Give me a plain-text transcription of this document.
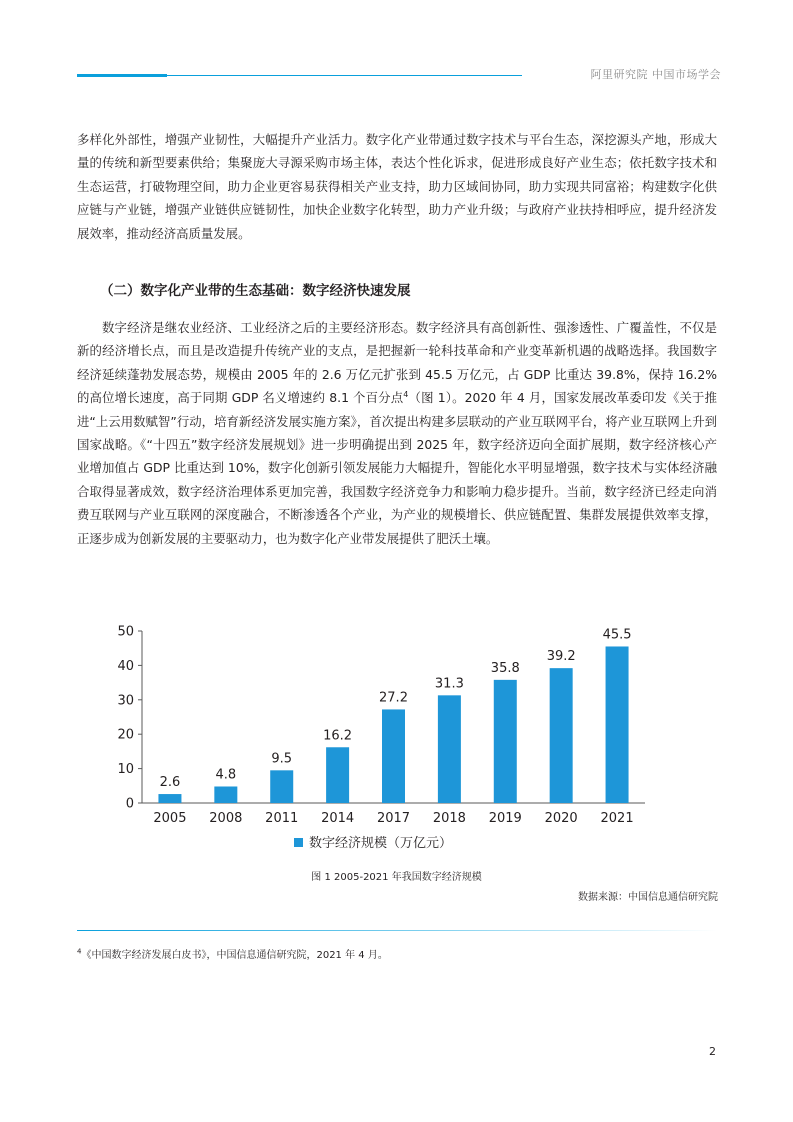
阿里研究院 中国市场学会

多样化外部性，增强产业韧性，大幅提升产业活力。数字化产业带通过数字技术与平台生态，深挖源头产地，形成大量的传统和新型要素供给；集聚庞大寻源采购市场主体，表达个性化诉求，促进形成良好产业生态；依托数字技术和生态运营，打破物理空间，助力企业更容易获得相关产业支持，助力区域间协同，助力实现共同富裕；构建数字化供应链与产业链，增强产业链供应链韧性，加快企业数字化转型，助力产业升级；与政府产业扶持相呼应，提升经济发展效率，推动经济高质量发展。

（二）数字化产业带的生态基础：数字经济快速发展

数字经济是继农业经济、工业经济之后的主要经济形态。数字经济具有高创新性、强渗透性、广覆盖性，不仅是新的经济增长点，而且是改造提升传统产业的支点，是把握新一轮科技革命和产业变革新机遇的战略选择。我国数字经济延续蓬勃发展态势，规模由 2005 年的 2.6 万亿元扩张到 45.5 万亿元，占 GDP 比重达 39.8%，保持 16.2% 的高位增长速度，高于同期 GDP 名义增速约 8.1 个百分点$^4$（图 1）。2020 年 4 月，国家发展改革委印发《关于推进“上云用数赋智”行动，培育新经济发展实施方案》，首次提出构建多层联动的产业互联网平台，将产业互联网上升到国家战略。《“十四五”数字经济发展规划》进一步明确提出到 2025 年，数字经济迈向全面扩展期，数字经济核心产业增加值占 GDP 比重达到 10%，数字化创新引领发展能力大幅提升，智能化水平明显增强，数字技术与实体经济融合取得显著成效，数字经济治理体系更加完善，我国数字经济竞争力和影响力稳步提升。当前，数字经济已经走向消费互联网与产业互联网的深度融合，不断渗透各个产业，为产业的规模增长、供应链配置、集群发展提供效率支撑，正逐步成为创新发展的主要驱动力，也为数字化产业带发展提供了肥沃土壤。

0
10
20
30
40
50
2.6
2005
4.8
2008
9.5
2011
16.2
2014
27.2
2017
31.3
2018
35.8
2019
39.2
2020
45.5
2021
数字经济规模（万亿元）
图 1 2005-2021 年我国数字经济规模
数据来源：中国信息通信研究院
$^4$《中国数字经济发展白皮书》，中国信息通信研究院，2021 年 4 月。
2
